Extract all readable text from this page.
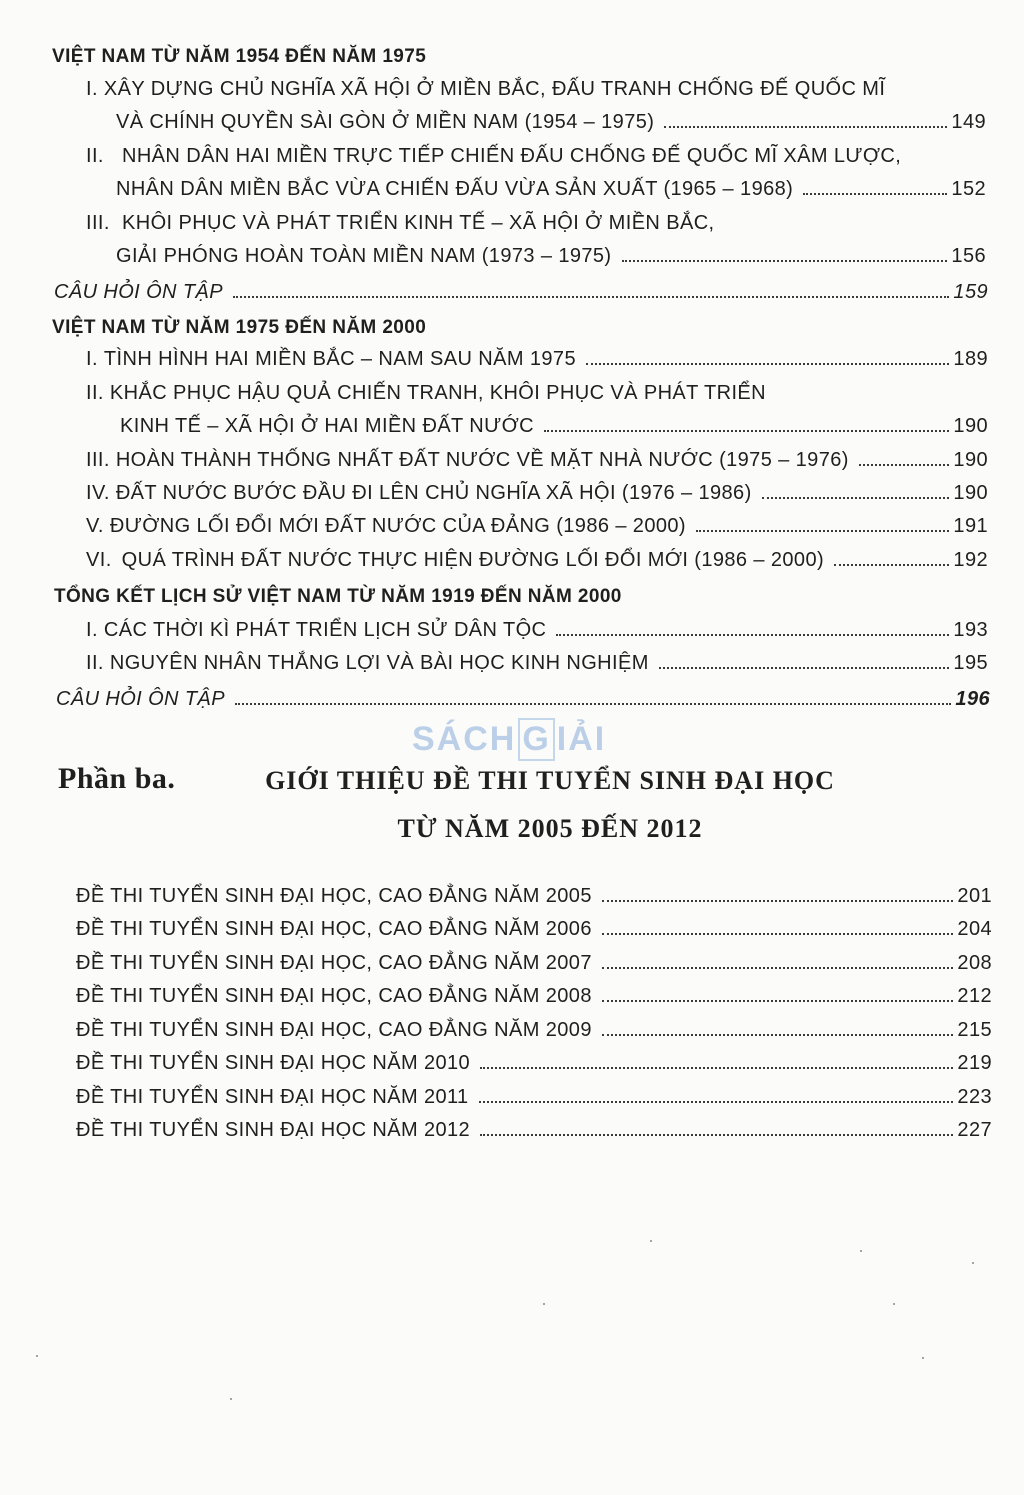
VIỆT NAM TỪ NĂM 1954 ĐẾN NĂM 1975
I. XÂY DỰNG CHỦ NGHĨA XÃ HỘI Ở MIỀN BẮC, ĐẤU TRANH CHỐNG ĐẾ QUỐC MĨ
VÀ CHÍNH QUYỀN SÀI GÒN Ở MIỀN NAM (1954 – 1975)	149
II. NHÂN DÂN HAI MIỀN TRỰC TIẾP CHIẾN ĐẤU CHỐNG ĐẾ QUỐC MĨ XÂM LƯỢC,
NHÂN DÂN MIỀN BẮC VỪA CHIẾN ĐẤU VỪA SẢN XUẤT (1965 – 1968)	152
III. KHÔI PHỤC VÀ PHÁT TRIỂN KINH TẾ – XÃ HỘI Ở MIỀN BẮC,
GIẢI PHÓNG HOÀN TOÀN MIỀN NAM (1973 – 1975)	156
CÂU HỎI ÔN TẬP	159
VIỆT NAM TỪ NĂM 1975 ĐẾN NĂM 2000
I. TÌNH HÌNH HAI MIỀN BẮC – NAM SAU NĂM 1975	189
II. KHẮC PHỤC HẬU QUẢ CHIẾN TRANH, KHÔI PHỤC VÀ PHÁT TRIỂN
KINH TẾ – XÃ HỘI Ở HAI MIỀN ĐẤT NƯỚC	190
III. HOÀN THÀNH THỐNG NHẤT ĐẤT NƯỚC VỀ MẶT NHÀ NƯỚC (1975 – 1976)	190
IV. ĐẤT NƯỚC BƯỚC ĐẦU ĐI LÊN CHỦ NGHĨA XÃ HỘI (1976 – 1986)	190
V. ĐƯỜNG LỐI ĐỔI MỚI ĐẤT NƯỚC CỦA ĐẢNG (1986 – 2000)	191
VI. QUÁ TRÌNH ĐẤT NƯỚC THỰC HIỆN ĐƯỜNG LỐI ĐỔI MỚI (1986 – 2000)	192
TỔNG KẾT LỊCH SỬ VIỆT NAM TỪ NĂM 1919 ĐẾN NĂM 2000
I. CÁC THỜI KÌ PHÁT TRIỂN LỊCH SỬ DÂN TỘC	193
II. NGUYÊN NHÂN THẮNG LỢI VÀ BÀI HỌC KINH NGHIỆM	195
CÂU HỎI ÔN TẬP	196
SÁCH G IẢI
Phần ba.	GIỚI THIỆU ĐỀ THI TUYỂN SINH ĐẠI HỌC
TỪ NĂM 2005 ĐẾN 2012
ĐỀ THI TUYỂN SINH ĐẠI HỌC, CAO ĐẲNG NĂM 2005	201
ĐỀ THI TUYỂN SINH ĐẠI HỌC, CAO ĐẲNG NĂM 2006	204
ĐỀ THI TUYỂN SINH ĐẠI HỌC, CAO ĐẲNG NĂM 2007	208
ĐỀ THI TUYỂN SINH ĐẠI HỌC, CAO ĐẲNG NĂM 2008	212
ĐỀ THI TUYỂN SINH ĐẠI HỌC, CAO ĐẲNG NĂM 2009	215
ĐỀ THI TUYỂN SINH ĐẠI HỌC NĂM 2010	219
ĐỀ THI TUYỂN SINH ĐẠI HỌC NĂM 2011	223
ĐỀ THI TUYỂN SINH ĐẠI HỌC NĂM 2012	227
